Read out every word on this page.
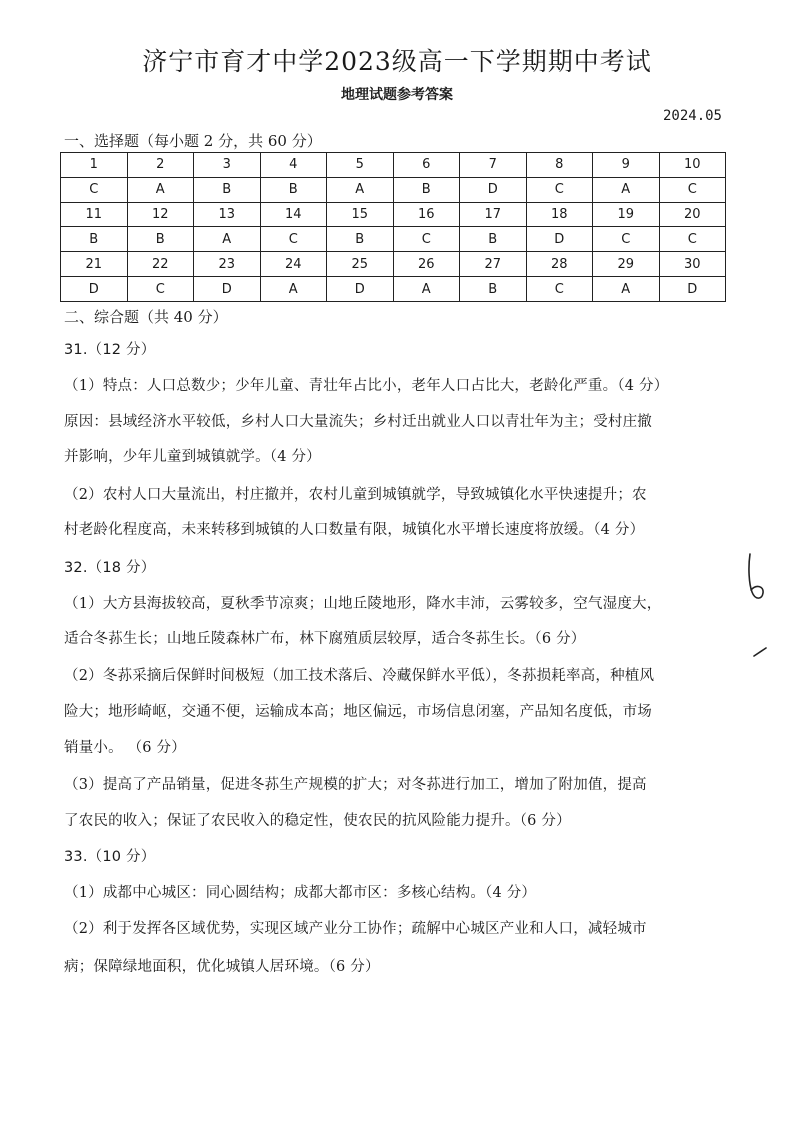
济宁市育才中学2023级高一下学期期中考试
地理试题参考答案
2024.05
一、选择题（每小题 2 分，共 60 分）
1	2	3	4	5	6	7	8	9	10
C	A	B	B	A	B	D	C	A	C
11	12	13	14	15	16	17	18	19	20
B	B	A	C	B	C	B	D	C	C
21	22	23	24	25	26	27	28	29	30
D	C	D	A	D	A	B	C	A	D
二、综合题（共 40 分）
31.（12 分）
（1）特点：人口总数少；少年儿童、青壮年占比小，老年人口占比大，老龄化严重。（4 分）
原因：县域经济水平较低，乡村人口大量流失；乡村迁出就业人口以青壮年为主；受村庄撤
并影响，少年儿童到城镇就学。（4 分）
（2）农村人口大量流出，村庄撤并，农村儿童到城镇就学，导致城镇化水平快速提升；农
村老龄化程度高，未来转移到城镇的人口数量有限，城镇化水平增长速度将放缓。（4 分）
32.（18 分）
（1）大方县海拔较高，夏秋季节凉爽；山地丘陵地形，降水丰沛，云雾较多，空气湿度大，
适合冬荪生长；山地丘陵森林广布，林下腐殖质层较厚，适合冬荪生长。（6 分）
（2）冬荪采摘后保鲜时间极短（加工技术落后、冷藏保鲜水平低），冬荪损耗率高，种植风
险大；地形崎岖，交通不便，运输成本高；地区偏远，市场信息闭塞，产品知名度低，市场
销量小。 （6 分）
（3）提高了产品销量，促进冬荪生产规模的扩大；对冬荪进行加工，增加了附加值，提高
了农民的收入；保证了农民收入的稳定性，使农民的抗风险能力提升。（6 分）
33.（10 分）
（1）成都中心城区：同心圆结构；成都大都市区：多核心结构。（4 分）
（2）利于发挥各区域优势，实现区域产业分工协作；疏解中心城区产业和人口，减轻城市
病；保障绿地面积，优化城镇人居环境。（6 分）
